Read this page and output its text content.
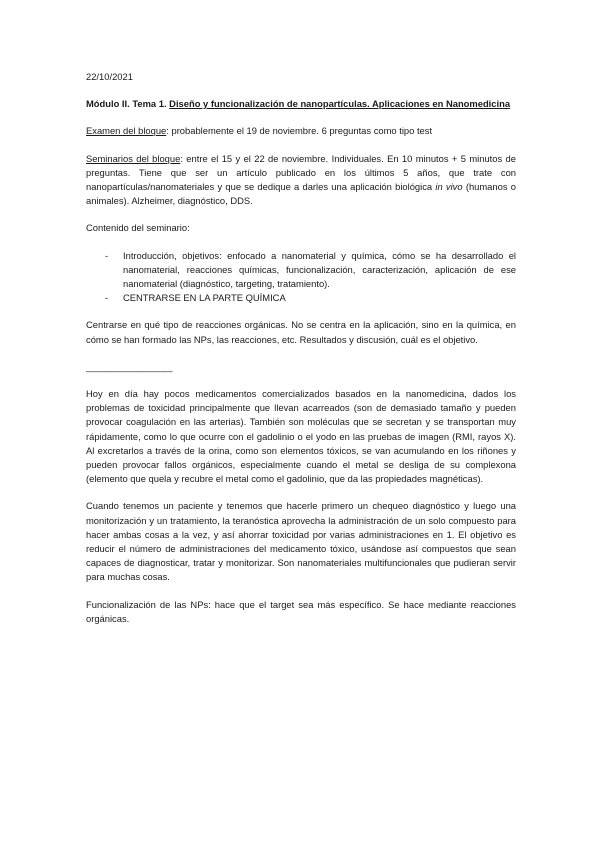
22/10/2021

Módulo II. Tema 1. Diseño y funcionalización de nanopartículas. Aplicaciones en Nanomedicina

Examen del bloque: probablemente el 19 de noviembre. 6 preguntas como tipo test

Seminarios del bloque: entre el 15 y el 22 de noviembre. Individuales. En 10 minutos + 5 minutos de preguntas. Tiene que ser un artículo publicado en los últimos 5 años, que trate con nanopartículas/nanomateriales y que se dedique a darles una aplicación biológica in vivo (humanos o animales). Alzheimer, diagnóstico, DDS.

Contenido del seminario:

- Introducción, objetivos: enfocado a nanomaterial y química, cómo se ha desarrollado el nanomaterial, reacciones químicas, funcionalización, caracterización, aplicación de ese nanomaterial (diagnóstico, targeting, tratamiento).
- CENTRARSE EN LA PARTE QUÍMICA

Centrarse en qué tipo de reacciones orgánicas. No se centra en la aplicación, sino en la química, en cómo se han formado las NPs, las reacciones, etc. Resultados y discusión, cuál es el objetivo.

________________

Hoy en día hay pocos medicamentos comercializados basados en la nanomedicina, dados los problemas de toxicidad principalmente que llevan acarreados (son de demasiado tamaño y pueden provocar coagulación en las arterias). También son moléculas que se secretan y se transportan muy rápidamente, como lo que ocurre con el gadolinio o el yodo en las pruebas de imagen (RMI, rayos X). Al excretarlos a través de la orina, como son elementos tóxicos, se van acumulando en los riñones y pueden provocar fallos orgánicos, especialmente cuando el metal se desliga de su complexona (elemento que quela y recubre el metal como el gadolinio, que da las propiedades magnéticas).

Cuando tenemos un paciente y tenemos que hacerle primero un chequeo diagnóstico y luego una monitorización y un tratamiento, la teranóstica aprovecha la administración de un solo compuesto para hacer ambas cosas a la vez, y así ahorrar toxicidad por varias administraciones en 1. El objetivo es reducir el número de administraciones del medicamento tóxico, usándose así compuestos que sean capaces de diagnosticar, tratar y monitorizar. Son nanomateriales multifuncionales que pudieran servir para muchas cosas.

Funcionalización de las NPs: hace que el target sea más específico. Se hace mediante reacciones orgánicas.
